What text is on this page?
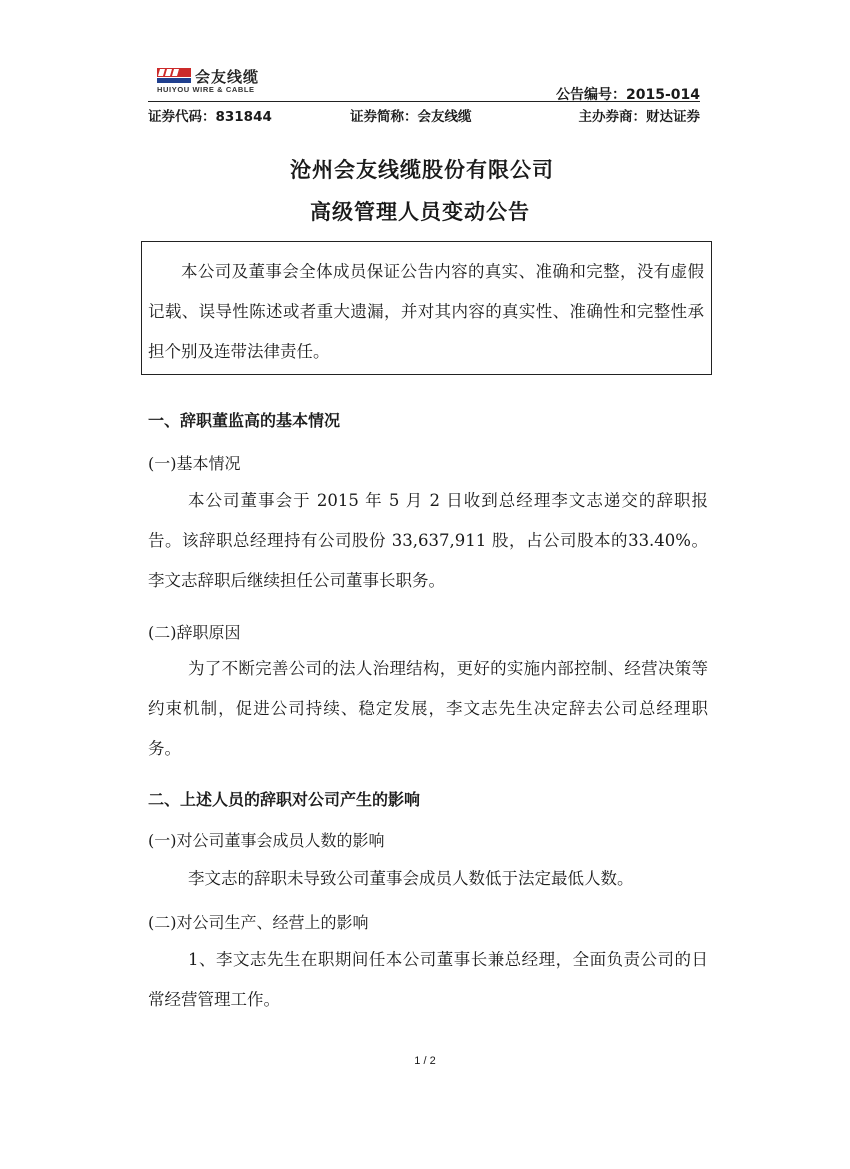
会友线缆
HUIYOU WIRE & CABLE	公告编号：2015-014
证券代码：831844	证券简称：会友线缆	主办券商：财达证券
沧州会友线缆股份有限公司
高级管理人员变动公告
本公司及董事会全体成员保证公告内容的真实、准确和完整，没有虚假记载、误导性陈述或者重大遗漏，并对其内容的真实性、准确性和完整性承担个别及连带法律责任。
一、辞职董监高的基本情况
(一)基本情况
本公司董事会于 2015 年 5 月 2 日收到总经理李文志递交的辞职报告。该辞职总经理持有公司股份 33,637,911 股，占公司股本的33.40%。李文志辞职后继续担任公司董事长职务。
(二)辞职原因
为了不断完善公司的法人治理结构，更好的实施内部控制、经营决策等约束机制，促进公司持续、稳定发展，李文志先生决定辞去公司总经理职务。
二、上述人员的辞职对公司产生的影响
(一)对公司董事会成员人数的影响
李文志的辞职未导致公司董事会成员人数低于法定最低人数。
(二)对公司生产、经营上的影响
1、李文志先生在职期间任本公司董事长兼总经理，全面负责公司的日常经营管理工作。
1 / 2
